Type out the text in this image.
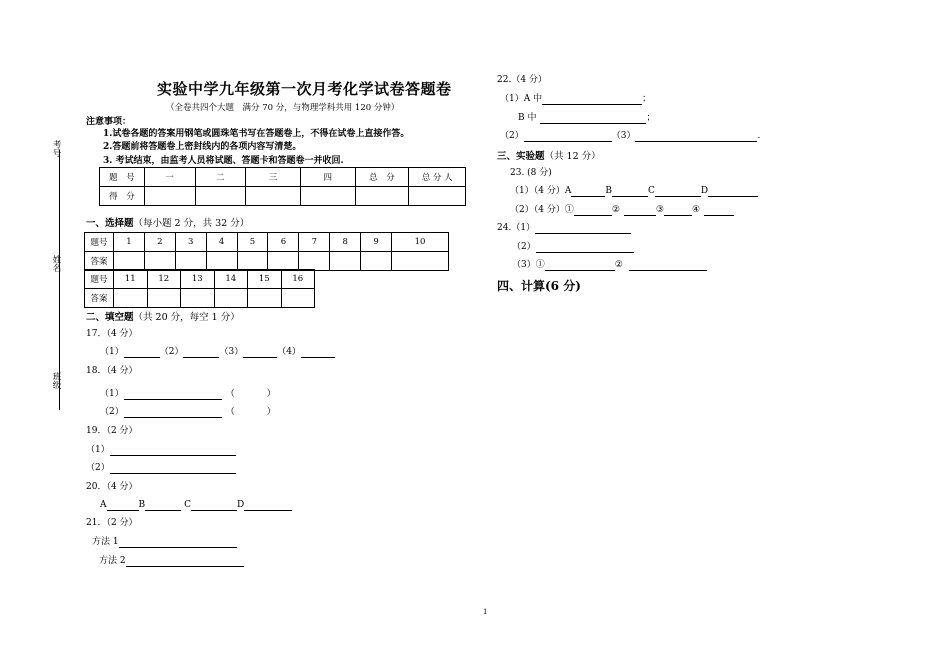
考号
姓名
班级
实验中学九年级第一次月考化学试卷答题卷
（全卷共四个大题　满分 70 分，与物理学科共用 120 分钟）
注意事项：
1.试卷各题的答案用钢笔或圆珠笔书写在答题卷上，不得在试卷上直接作答。
2.答题前将答题卷上密封线内的各项内容写清楚。
3. 考试结束，由监考人员将试题、答题卡和答题卷一并收回.
题　号	一	二	三	四	总　分	总 分 人
得　分						
一、选择题（每小题 2 分，共 32 分）
题号	1	2	3	4	5	6	7	8	9	10
答案										
题号	11	12	13	14	15	16
答案						
二、填空题（共 20 分，每空 1 分）
17．（4 分）
（1）	（2）	（3）	（4）
18．（4 分）
（1）	（	）
（2）	（	）
19．（2 分）
（1）
（2）
20．（4 分）
A	B	C	D
21．（2 分）
方法 1
方法 2
22.（4 分）
（1）A 中	；
B 中	；
（2）	（3）	.
三、实验题（共 12 分）
23. (8 分)
（1）（4 分）A	B	C	D
（2）（4 分）①	②	③	④
24.（1）
（2）
（3）①	②
四、计算(6 分)
1
